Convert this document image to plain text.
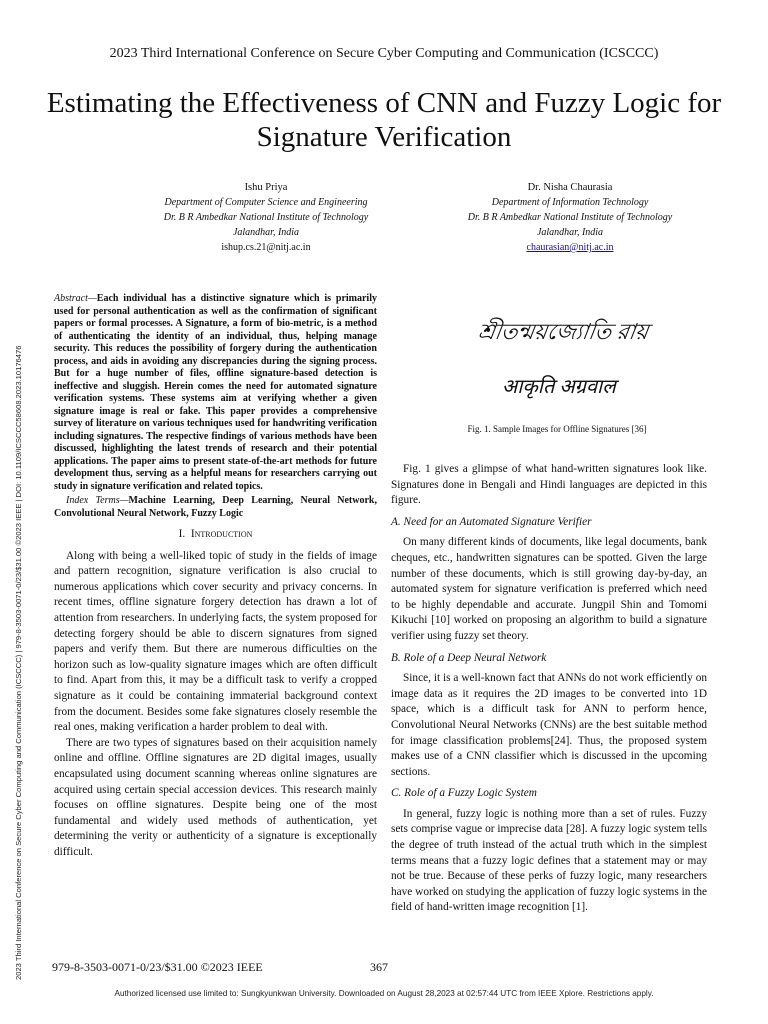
2023 Third International Conference on Secure Cyber Computing and Communication (ICSCCC)
Estimating the Effectiveness of CNN and Fuzzy Logic for Signature Verification
2023 Third International Conference on Secure Cyber Computing and Communication (ICSCCC) | 979-8-3503-0071-0/23/$31.00 ©2023 IEEE | DOI: 10.1109/ICSCCC58608.2023.10176476
Ishu Priya
Department of Computer Science and Engineering
Dr. B R Ambedkar National Institute of Technology
Jalandhar, India
ishup.cs.21@nitj.ac.in
Dr. Nisha Chaurasia
Department of Information Technology
Dr. B R Ambedkar National Institute of Technology
Jalandhar, India
chaurasian@nitj.ac.in

Abstract—Each individual has a distinctive signature which is primarily used for personal authentication as well as the confirmation of significant papers or formal processes. A Signature, a form of bio-metric, is a method of authenticating the identity of an individual, thus, helping manage security. This reduces the possibility of forgery during the authentication process, and aids in avoiding any discrepancies during the signing process. But for a huge number of files, offline signature-based detection is ineffective and sluggish. Herein comes the need for automated signature verification systems. These systems aim at verifying whether a given signature image is real or fake. This paper provides a comprehensive survey of literature on various techniques used for handwriting verification including signatures. The respective findings of various methods have been discussed, highlighting the latest trends of research and their potential applications. The paper aims to present state-of-the-art methods for future development thus, serving as a helpful means for researchers carrying out study in signature verification and related topics.

Index Terms—Machine Learning, Deep Learning, Neural Network, Convolutional Neural Network, Fuzzy Logic

I. Introduction

Along with being a well-liked topic of study in the fields of image and pattern recognition, signature verification is also crucial to numerous applications which cover security and privacy concerns. In recent times, offline signature forgery detection has drawn a lot of attention from researchers. In underlying facts, the system proposed for detecting forgery should be able to discern signatures from signed papers and verify them. But there are numerous difficulties on the horizon such as low-quality signature images which are often difficult to find. Apart from this, it may be a difficult task to verify a cropped signature as it could be containing immaterial background context from the document. Besides some fake signatures closely resemble the real ones, making verification a harder problem to deal with.

There are two types of signatures based on their acquisition namely online and offline. Offline signatures are 2D digital images, usually encapsulated using document scanning whereas online signatures are acquired using certain special accession devices. This research mainly focuses on offline signatures. Despite being one of the most fundamental and widely used methods of authentication, yet determining the verity or authenticity of a signature is exceptionally difficult.

শ্রীতন্ময়জ্যোতি রায়
आकृति अग्रवाल
Fig. 1. Sample Images for Offline Signatures [36]

Fig. 1 gives a glimpse of what hand-written signatures look like. Signatures done in Bengali and Hindi languages are depicted in this figure.

A. Need for an Automated Signature Verifier

On many different kinds of documents, like legal documents, bank cheques, etc., handwritten signatures can be spotted. Given the large number of these documents, which is still growing day-by-day, an automated system for signature verification is preferred which need to be highly dependable and accurate. Jungpil Shin and Tomomi Kikuchi [10] worked on proposing an algorithm to build a signature verifier using fuzzy set theory.

B. Role of a Deep Neural Network

Since, it is a well-known fact that ANNs do not work efficiently on image data as it requires the 2D images to be converted into 1D space, which is a difficult task for ANN to perform hence, Convolutional Neural Networks (CNNs) are the best suitable method for image classification problems[24]. Thus, the proposed system makes use of a CNN classifier which is discussed in the upcoming sections.

C. Role of a Fuzzy Logic System

In general, fuzzy logic is nothing more than a set of rules. Fuzzy sets comprise vague or imprecise data [28]. A fuzzy logic system tells the degree of truth instead of the actual truth which in the simplest terms means that a fuzzy logic defines that a statement may or may not be true. Because of these perks of fuzzy logic, many researchers have worked on studying the application of fuzzy logic systems in the field of hand-written image recognition [1].

979-8-3503-0071-0/23/$31.00 ©2023 IEEE	367
Authorized licensed use limited to: Sungkyunkwan University. Downloaded on August 28,2023 at 02:57:44 UTC from IEEE Xplore. Restrictions apply.
